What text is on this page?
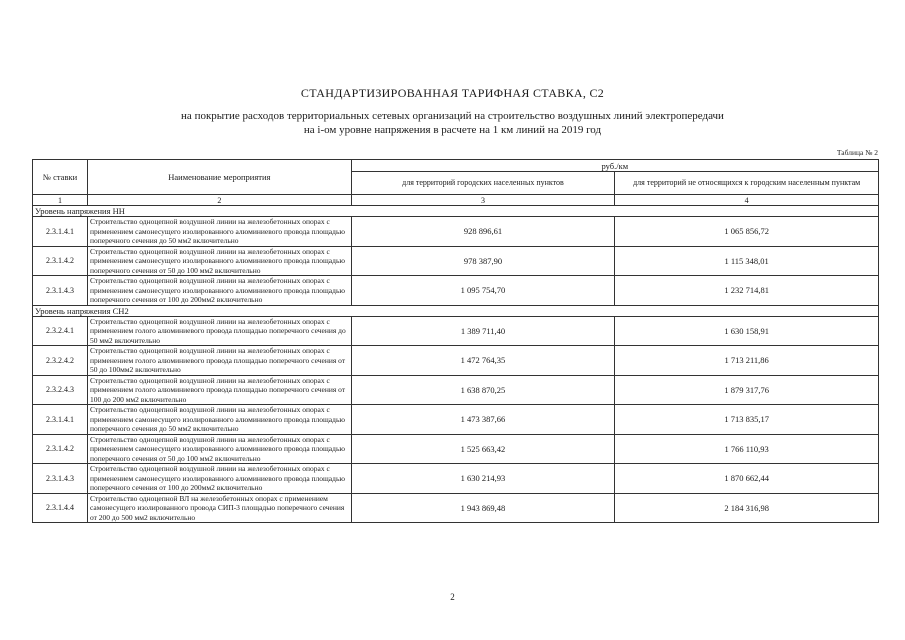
СТАНДАРТИЗИРОВАННАЯ ТАРИФНАЯ СТАВКА, С2
на покрытие расходов территориальных сетевых организаций на строительство воздушных линий электропередачи
на i-ом уровне напряжения в расчете на 1 км линий на 2019 год
Таблица № 2
№ ставки	Наименование мероприятия	руб./км	
		для территорий городских населенных пунктов	для территорий не относящихся к городским населенным пунктам
1	2	3	4
Уровень напряжения НН			
2.3.1.4.1	Строительство одноцепной воздушной линии на железобетонных опорах с применением самонесущего изолированного алюминиевого провода площадью поперечного сечения до 50 мм2 включительно	928 896,61	1 065 856,72
2.3.1.4.2	Строительство одноцепной воздушной линии на железобетонных опорах с применением самонесущего изолированного алюминиевого провода площадью поперечного сечения от 50 до 100 мм2 включительно	978 387,90	1 115 348,01
2.3.1.4.3	Строительство одноцепной воздушной линии на железобетонных опорах с применением самонесущего изолированного алюминиевого провода площадью поперечного сечения от 100 до 200мм2 включительно	1 095 754,70	1 232 714,81
Уровень напряжения СН2			
2.3.2.4.1	Строительство одноцепной воздушной линии на железобетонных опорах с применением голого алюминиевого провода площадью поперечного сечения до 50 мм2 включительно	1 389 711,40	1 630 158,91
2.3.2.4.2	Строительство одноцепной воздушной линии на железобетонных опорах с применением голого алюминиевого провода площадью поперечного сечения от 50 до 100мм2 включительно	1 472 764,35	1 713 211,86
2.3.2.4.3	Строительство одноцепной воздушной линии на железобетонных опорах с применением голого алюминиевого провода площадью поперечного сечения от 100 до 200 мм2 включительно	1 638 870,25	1 879 317,76
2.3.1.4.1	Строительство одноцепной воздушной линии на железобетонных опорах с применением самонесущего изолированного алюминиевого провода площадью поперечного сечения до 50 мм2 включительно	1 473 387,66	1 713 835,17
2.3.1.4.2	Строительство одноцепной воздушной линии на железобетонных опорах с применением самонесущего изолированного алюминиевого провода площадью поперечного сечения от 50 до 100 мм2 включительно	1 525 663,42	1 766 110,93
2.3.1.4.3	Строительство одноцепной воздушной линии на железобетонных опорах с применением самонесущего изолированного алюминиевого провода площадью поперечного сечения от 100 до 200мм2 включительно	1 630 214,93	1 870 662,44
2.3.1.4.4	Строительство одноцепной ВЛ на железобетонных опорах с применением самонесущего изолированного провода СИП-3 площадью поперечного сечения от 200 до 500 мм2 включительно	1 943 869,48	2 184 316,98
2
